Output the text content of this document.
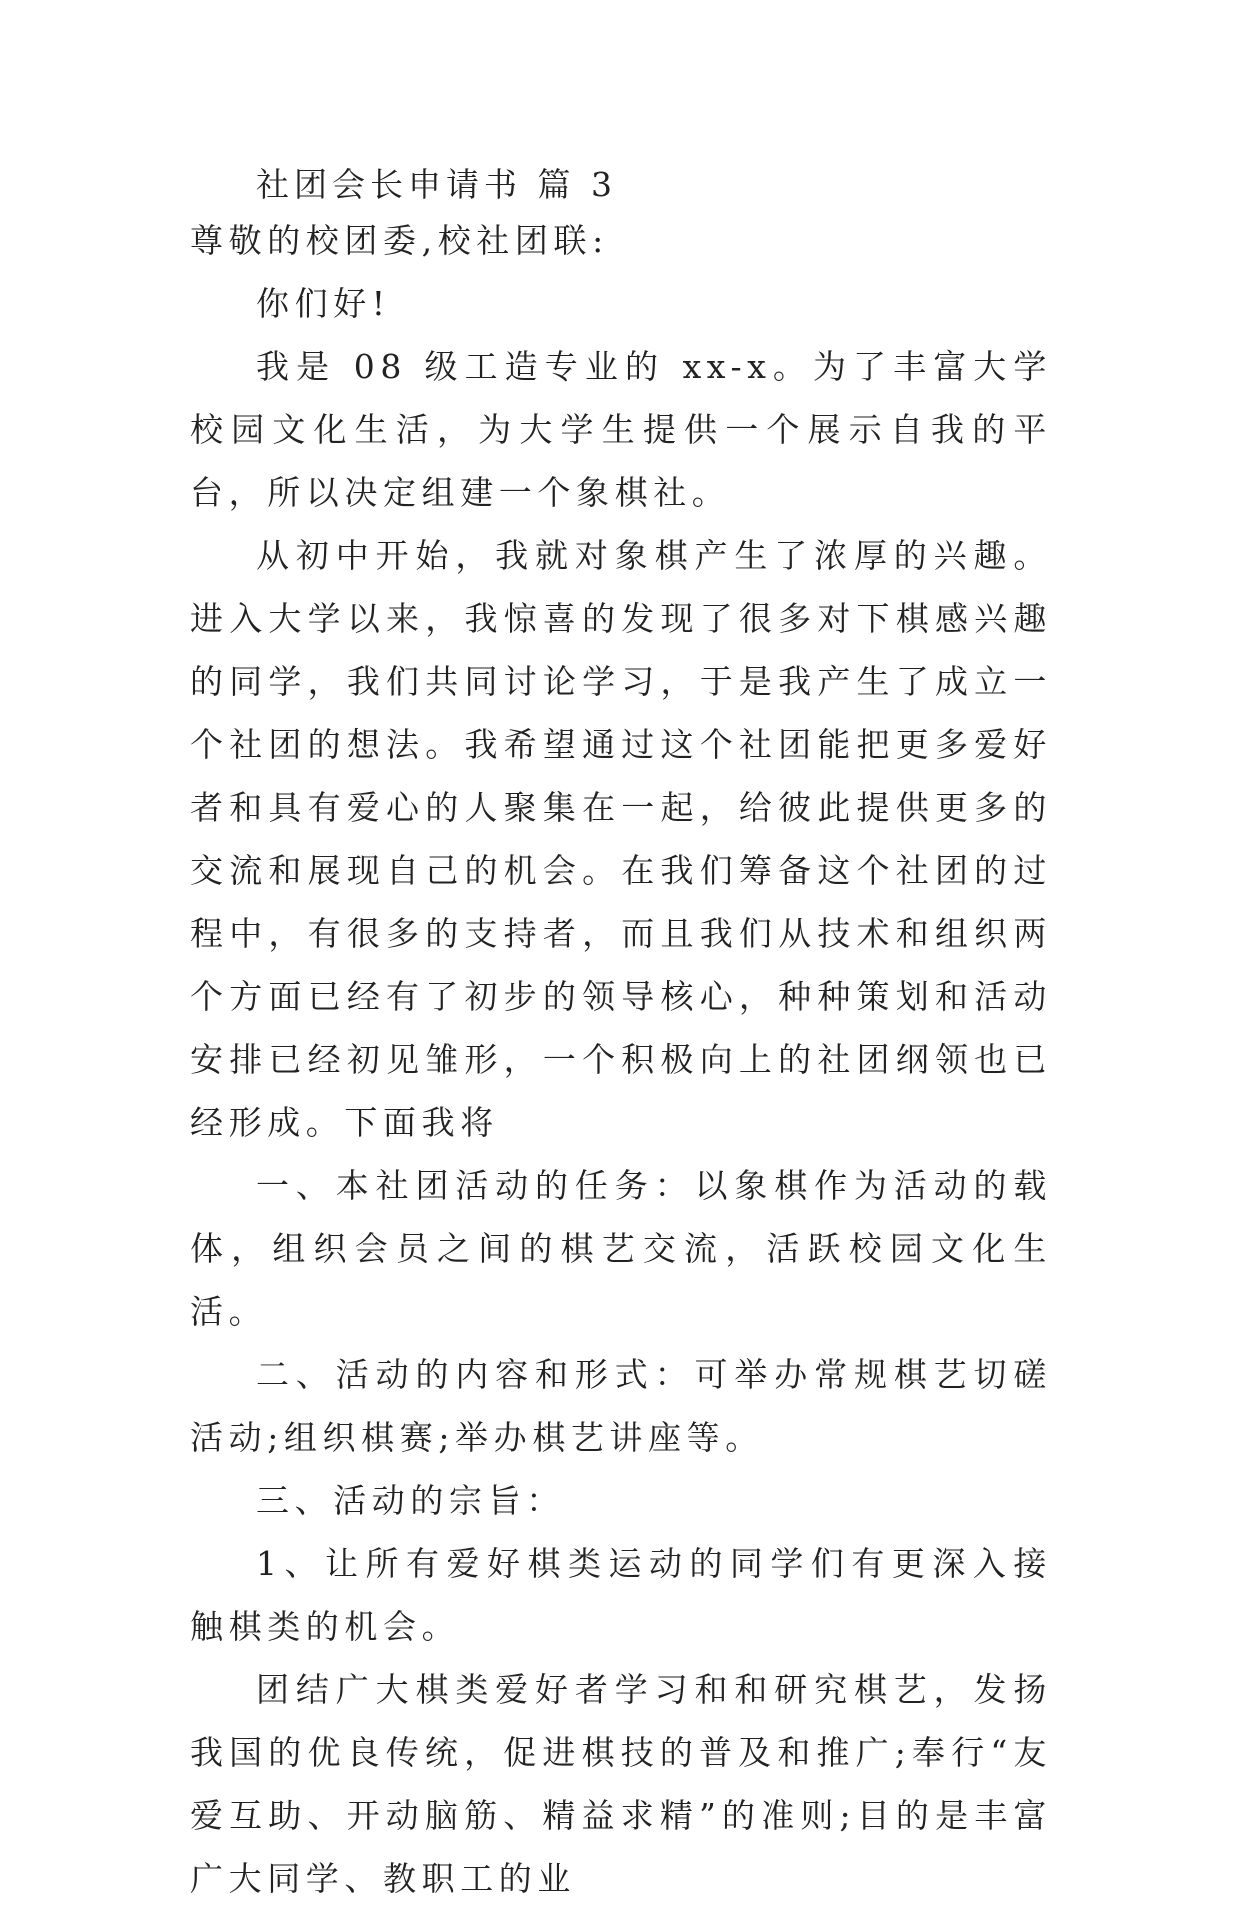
社团会长申请书 篇 3

尊敬的校团委,校社团联:

你们好!

我是 08 级工造专业的 xx-x。为了丰富大学校园文化生活，为大学生提供一个展示自我的平台，所以决定组建一个象棋社。

从初中开始，我就对象棋产生了浓厚的兴趣。进入大学以来，我惊喜的发现了很多对下棋感兴趣的同学，我们共同讨论学习，于是我产生了成立一个社团的想法。我希望通过这个社团能把更多爱好者和具有爱心的人聚集在一起，给彼此提供更多的交流和展现自己的机会。在我们筹备这个社团的过程中，有很多的支持者，而且我们从技术和组织两个方面已经有了初步的领导核心，种种策划和活动安排已经初见雏形，一个积极向上的社团纲领也已经形成。下面我将

一、本社团活动的任务：以象棋作为活动的载体，组织会员之间的棋艺交流，活跃校园文化生活。

二、活动的内容和形式：可举办常规棋艺切磋活动;组织棋赛;举办棋艺讲座等。

三、活动的宗旨：

1、让所有爱好棋类运动的同学们有更深入接触棋类的机会。

团结广大棋类爱好者学习和和研究棋艺，发扬我国的优良传统，促进棋技的普及和推广;奉行“友爱互助、开动脑筋、精益求精”的准则;目的是丰富广大同学、教职工的业
